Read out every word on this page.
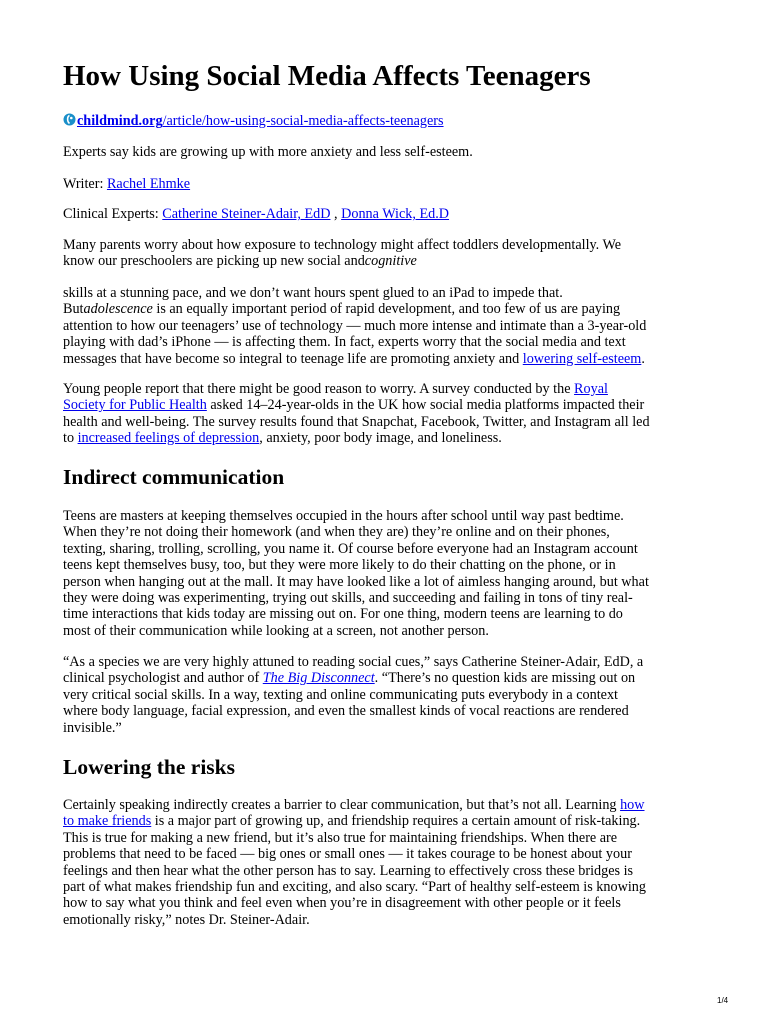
How Using Social Media Affects Teenagers
childmind.org/article/how-using-social-media-affects-teenagers

Experts say kids are growing up with more anxiety and less self-esteem.

Writer: Rachel Ehmke

Clinical Experts: Catherine Steiner-Adair, EdD , Donna Wick, Ed.D

Many parents worry about how exposure to technology might affect toddlers developmentally. We
know our preschoolers are picking up new social andcognitive
skills at a stunning pace, and we don’t want hours spent glued to an iPad to impede that.
Butadolescence is an equally important period of rapid development, and too few of us are paying
attention to how our teenagers’ use of technology — much more intense and intimate than a 3-year-old
playing with dad’s iPhone — is affecting them. In fact, experts worry that the social media and text
messages that have become so integral to teenage life are promoting anxiety and lowering self-esteem.
Young people report that there might be good reason to worry. A survey conducted by the Royal
Society for Public Health asked 14–24-year-olds in the UK how social media platforms impacted their
health and well-being. The survey results found that Snapchat, Facebook, Twitter, and Instagram all led
to increased feelings of depression, anxiety, poor body image, and loneliness.
Indirect communication
Teens are masters at keeping themselves occupied in the hours after school until way past bedtime.
When they’re not doing their homework (and when they are) they’re online and on their phones,
texting, sharing, trolling, scrolling, you name it. Of course before everyone had an Instagram account
teens kept themselves busy, too, but they were more likely to do their chatting on the phone, or in
person when hanging out at the mall. It may have looked like a lot of aimless hanging around, but what
they were doing was experimenting, trying out skills, and succeeding and failing in tons of tiny real-
time interactions that kids today are missing out on. For one thing, modern teens are learning to do
most of their communication while looking at a screen, not another person.
“As a species we are very highly attuned to reading social cues,” says Catherine Steiner-Adair, EdD, a
clinical psychologist and author of The Big Disconnect. “There’s no question kids are missing out on
very critical social skills. In a way, texting and online communicating puts everybody in a context
where body language, facial expression, and even the smallest kinds of vocal reactions are rendered
invisible.”
Lowering the risks
Certainly speaking indirectly creates a barrier to clear communication, but that’s not all. Learning how
to make friends is a major part of growing up, and friendship requires a certain amount of risk-taking.
This is true for making a new friend, but it’s also true for maintaining friendships. When there are
problems that need to be faced — big ones or small ones — it takes courage to be honest about your
feelings and then hear what the other person has to say. Learning to effectively cross these bridges is
part of what makes friendship fun and exciting, and also scary. “Part of healthy self-esteem is knowing
how to say what you think and feel even when you’re in disagreement with other people or it feels
emotionally risky,” notes Dr. Steiner-Adair.
1/4
